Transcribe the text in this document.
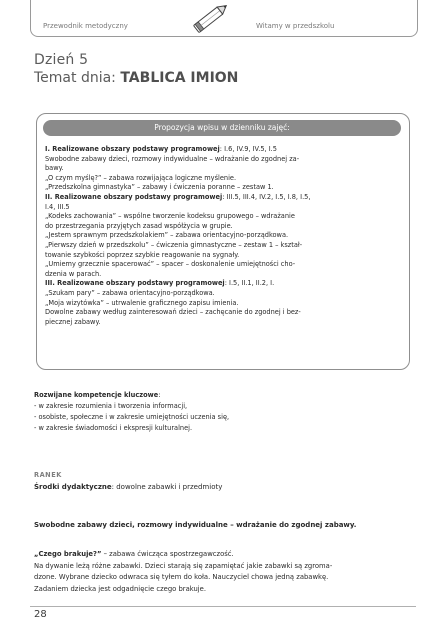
Przewodnik metodyczny	Witamy w przedszkolu
Dzień 5
Temat dnia: TABLICA IMION
Propozycja wpisu w dzienniku zajęć:

I. Realizowane obszary podstawy programowej: I.6, IV.9, IV.5, I.5

Swobodne zabawy dzieci, rozmowy indywidualne – wdrażanie do zgodnej za-

bawy.

„O czym myślę?” – zabawa rozwijająca logiczne myślenie.

„Przedszkolna gimnastyka” – zabawy i ćwiczenia poranne – zestaw 1.

II. Realizowane obszary podstawy programowej: III.5, III.4, IV.2, I.5, I.8, I.5,

I.4, III.5

„Kodeks zachowania” – wspólne tworzenie kodeksu grupowego – wdrażanie

do przestrzegania przyjętych zasad współżycia w grupie.

„Jestem sprawnym przedszkolakiem” – zabawa orientacyjno-porządkowa.

„Pierwszy dzień w przedszkolu” – ćwiczenia gimnastyczne – zestaw 1 – kształ-

towanie szybkości poprzez szybkie reagowanie na sygnały.

„Umiemy grzecznie spacerować” – spacer – doskonalenie umiejętności cho-

dzenia w parach.

III. Realizowane obszary podstawy programowej: I.5, II.1, II.2, I.

„Szukam pary” – zabawa orientacyjno-porządkowa.

„Moja wizytówka” – utrwalenie graficznego zapisu imienia.

Dowolne zabawy według zainteresowań dzieci – zachęcanie do zgodnej i bez-

piecznej zabawy.

Rozwijane kompetencje kluczowe:

- w zakresie rozumienia i tworzenia informacji,

- osobiste, społeczne i w zakresie umiejętności uczenia się,

- w zakresie świadomości i ekspresji kulturalnej.

RANEK
Środki dydaktyczne: dowolne zabawki i przedmioty
Swobodne zabawy dzieci, rozmowy indywidualne – wdrażanie do zgodnej zabawy.

„Czego brakuje?” – zabawa ćwicząca spostrzegawczość.

Na dywanie leżą różne zabawki. Dzieci starają się zapamiętać jakie zabawki są zgroma-

dzone. Wybrane dziecko odwraca się tyłem do koła. Nauczyciel chowa jedną zabawkę.

Zadaniem dziecka jest odgadnięcie czego brakuje.

28
